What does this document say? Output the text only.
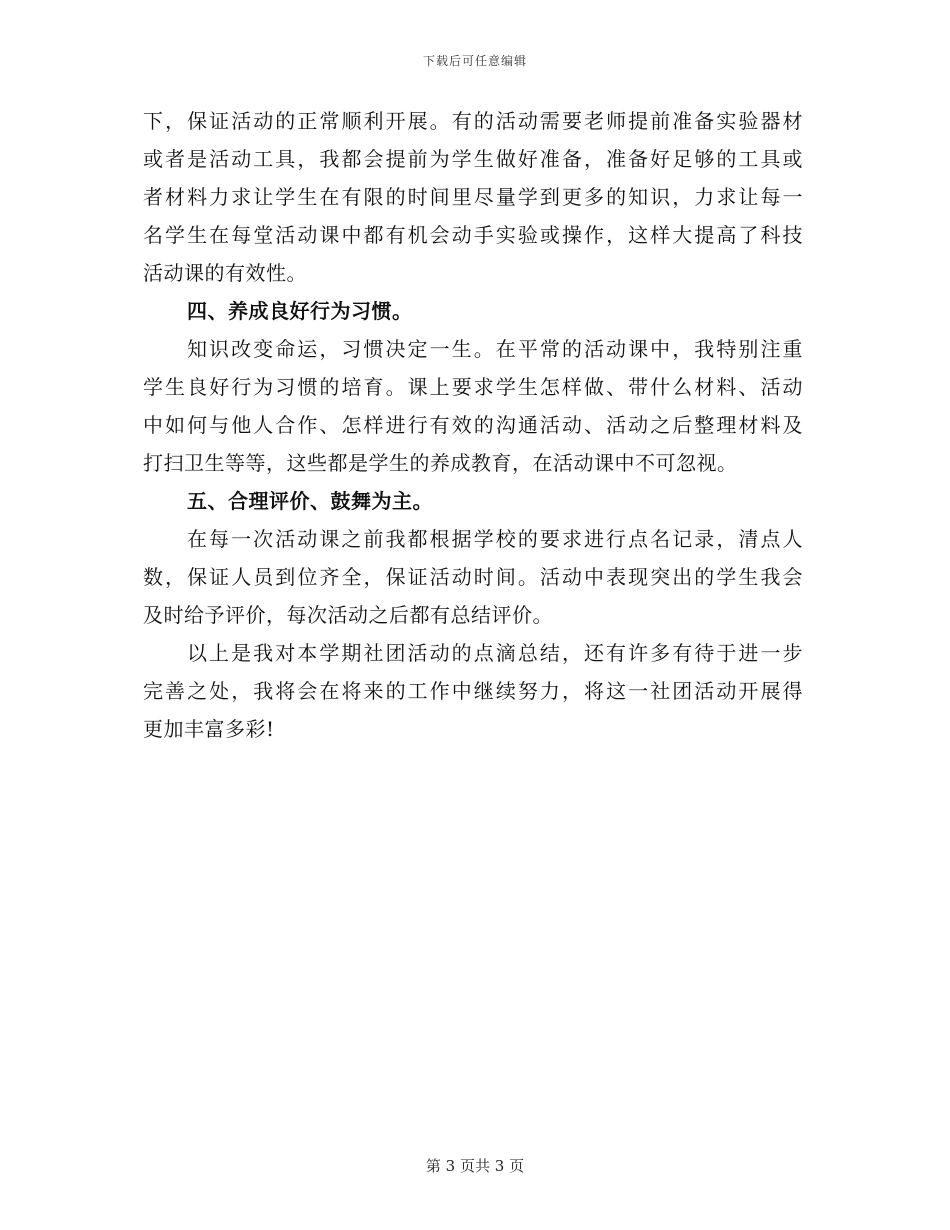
下载后可任意编辑
下，保证活动的正常顺利开展。有的活动需要老师提前准备实验器材
或者是活动工具，我都会提前为学生做好准备，准备好足够的工具或
者材料力求让学生在有限的时间里尽量学到更多的知识，力求让每一
名学生在每堂活动课中都有机会动手实验或操作，这样大提高了科技
活动课的有效性。
四、养成良好行为习惯。
知识改变命运，习惯决定一生。在平常的活动课中，我特别注重
学生良好行为习惯的培育。课上要求学生怎样做、带什么材料、活动
中如何与他人合作、怎样进行有效的沟通活动、活动之后整理材料及
打扫卫生等等，这些都是学生的养成教育，在活动课中不可忽视。
五、合理评价、鼓舞为主。
在每一次活动课之前我都根据学校的要求进行点名记录，清点人
数，保证人员到位齐全，保证活动时间。活动中表现突出的学生我会
及时给予评价，每次活动之后都有总结评价。
以上是我对本学期社团活动的点滴总结，还有许多有待于进一步
完善之处，我将会在将来的工作中继续努力，将这一社团活动开展得
更加丰富多彩!
第 3 页共 3 页
